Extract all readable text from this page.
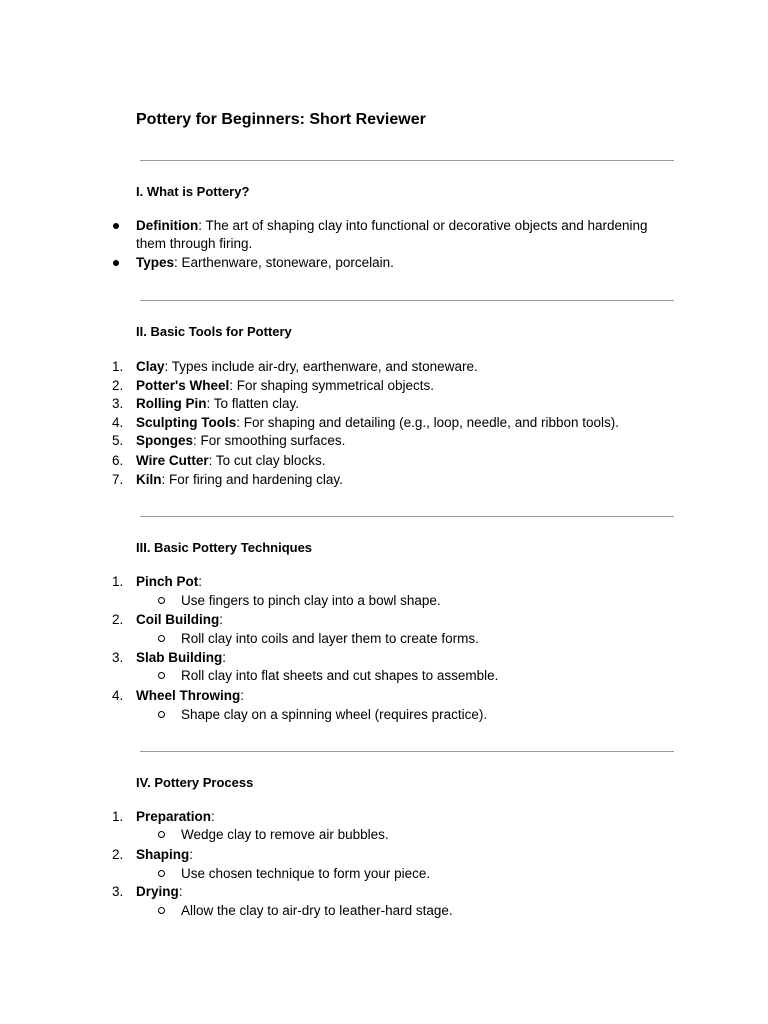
Pottery for Beginners: Short Reviewer
I. What is Pottery?
Definition: The art of shaping clay into functional or decorative objects and hardening
them through firing.
Types: Earthenware, stoneware, porcelain.
II. Basic Tools for Pottery
1. Clay: Types include air-dry, earthenware, and stoneware.
2. Potter's Wheel: For shaping symmetrical objects.
3. Rolling Pin: To flatten clay.
4. Sculpting Tools: For shaping and detailing (e.g., loop, needle, and ribbon tools).
5. Sponges: For smoothing surfaces.
6. Wire Cutter: To cut clay blocks.
7. Kiln: For firing and hardening clay.
III. Basic Pottery Techniques
1. Pinch Pot:
Use fingers to pinch clay into a bowl shape.
2. Coil Building:
Roll clay into coils and layer them to create forms.
3. Slab Building:
Roll clay into flat sheets and cut shapes to assemble.
4. Wheel Throwing:
Shape clay on a spinning wheel (requires practice).
IV. Pottery Process
1. Preparation:
Wedge clay to remove air bubbles.
2. Shaping:
Use chosen technique to form your piece.
3. Drying:
Allow the clay to air-dry to leather-hard stage.
